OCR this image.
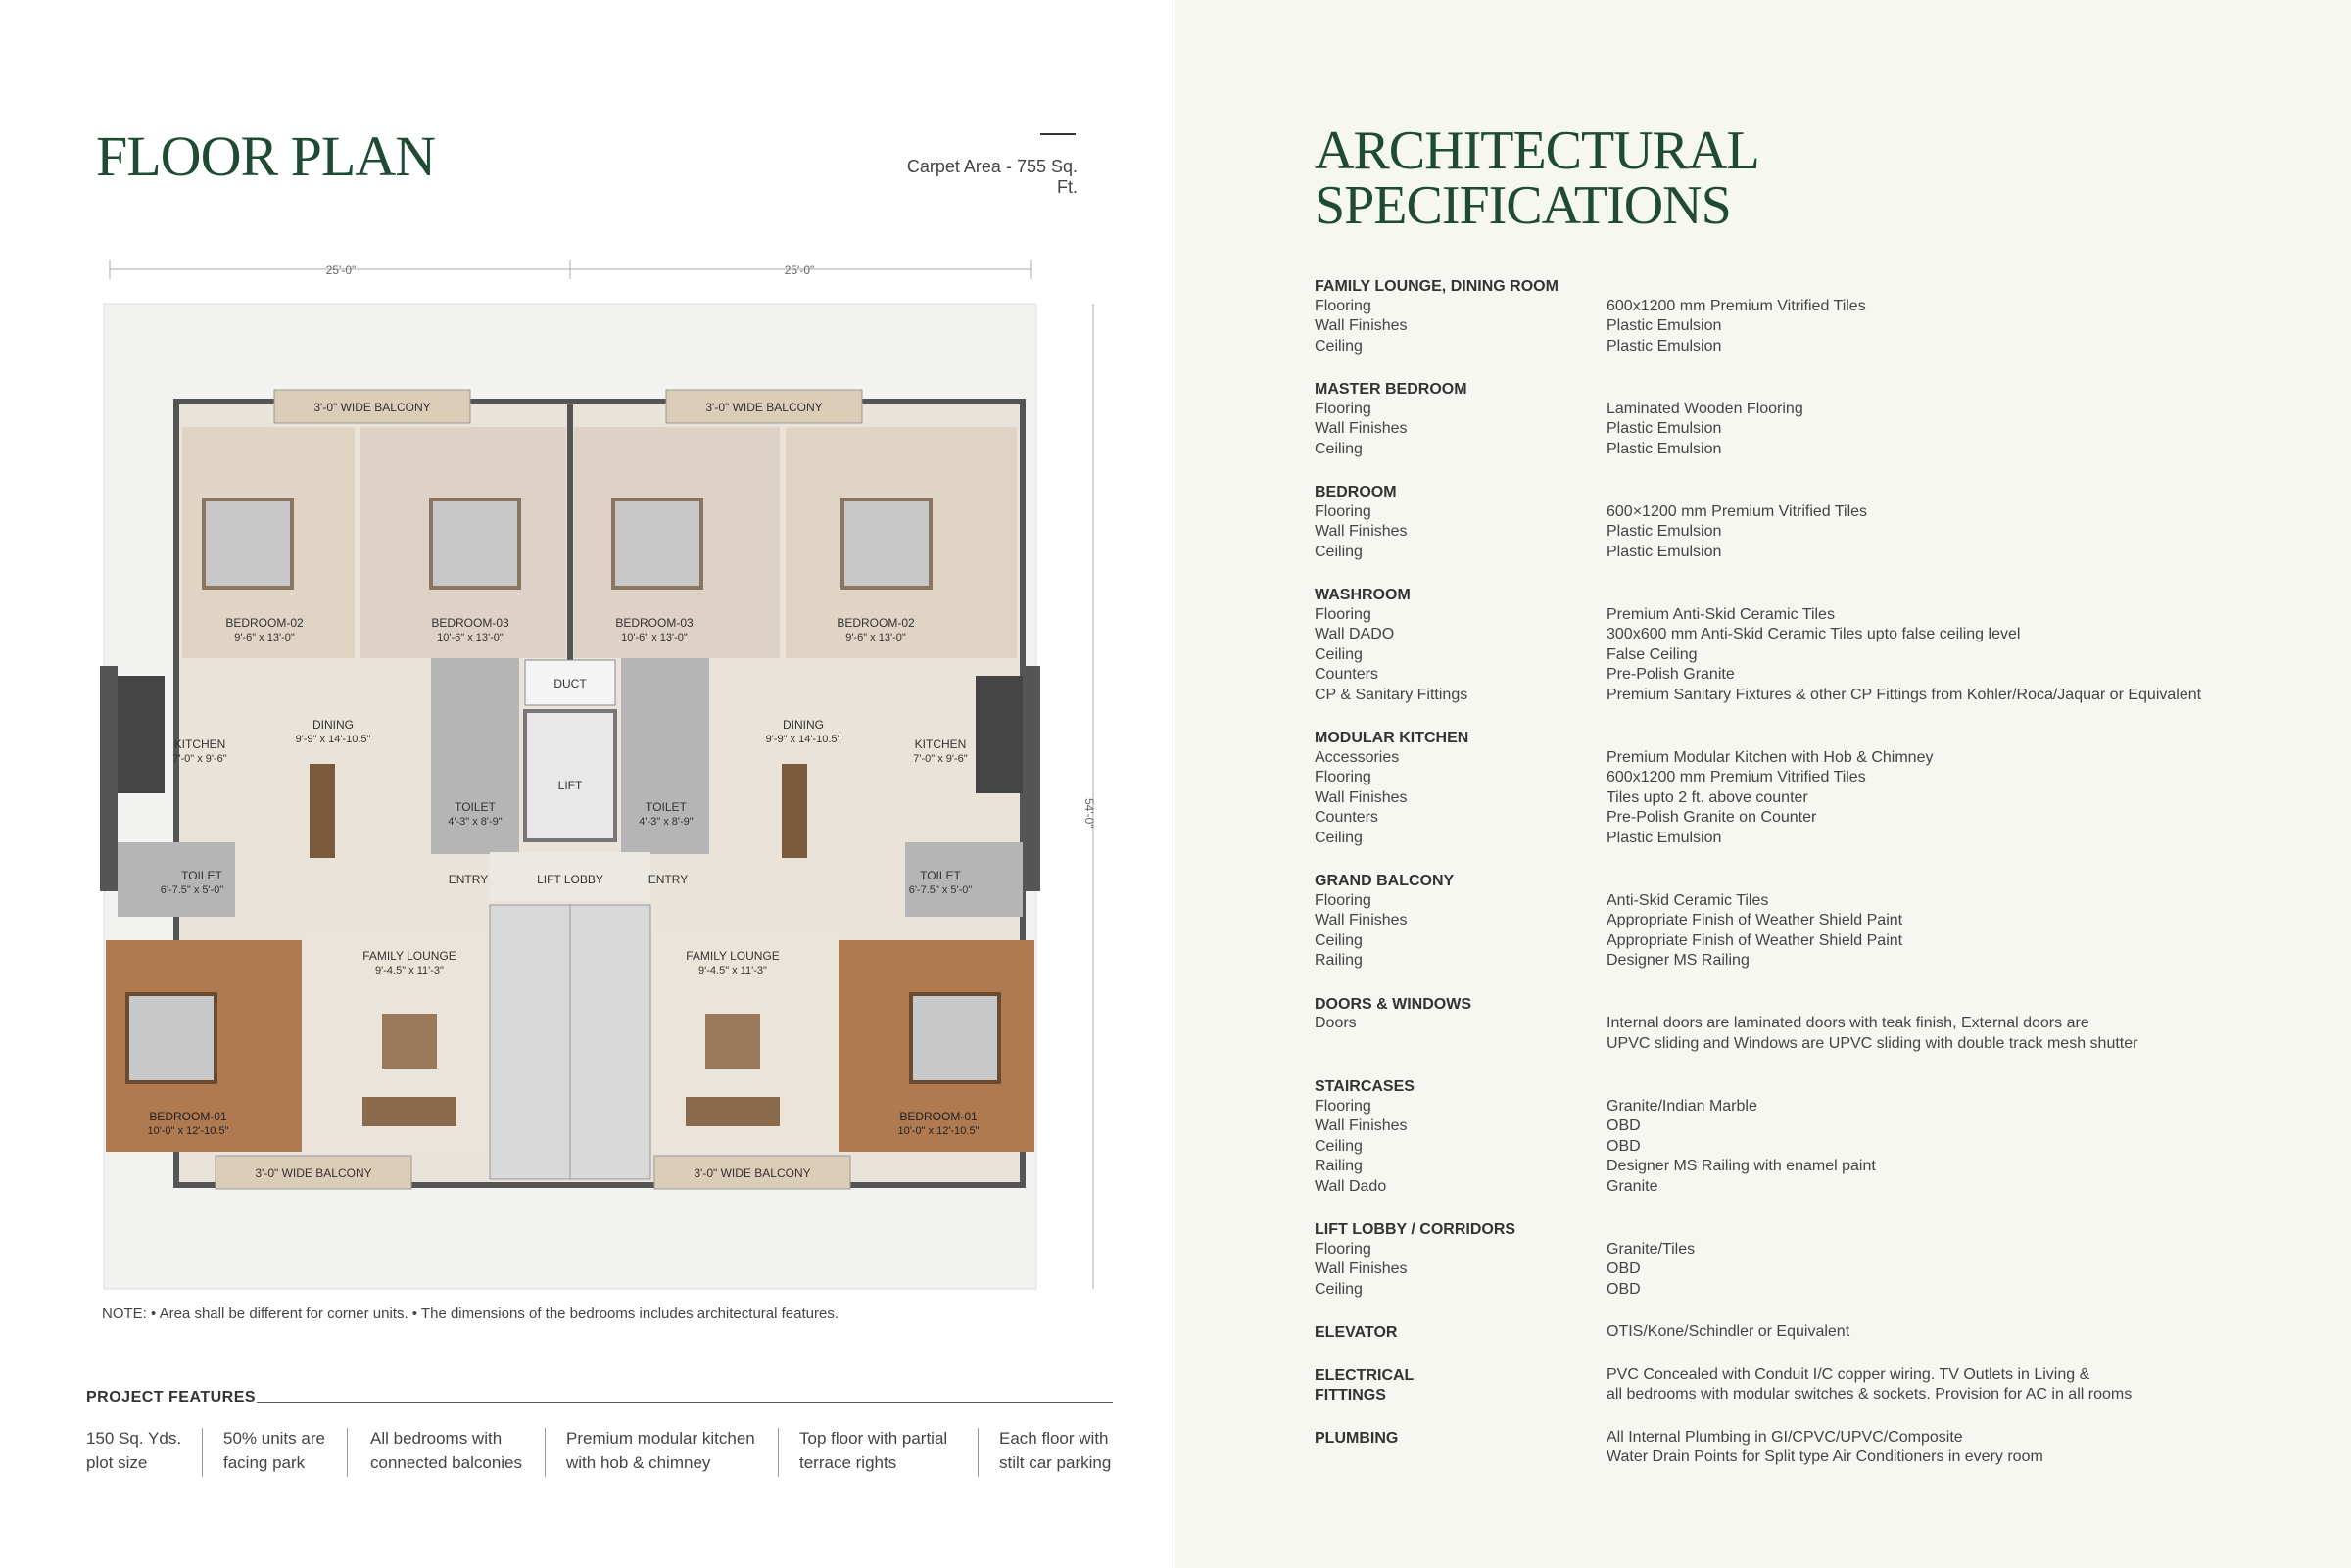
FLOOR PLAN	Carpet Area - 755 Sq. Ft.
25'-0"	25'-0"
54'-0"
3'-0" WIDE BALCONY	3'-0" WIDE BALCONY
BEDROOM-02
9'-6" x 13'-0"
BEDROOM-03
10'-6" x 13'-0"
BEDROOM-03
10'-6" x 13'-0"
BEDROOM-02
9'-6" x 13'-0"
KITCHEN
7'-0" x 9'-6"
KITCHEN
7'-0" x 9'-6"
DINING
9'-9" x 14'-10.5"
DINING
9'-9" x 14'-10.5"
TOILET
4'-3" x 8'-9"
TOILET
4'-3" x 8'-9"
DUCT
LIFT
LIFT LOBBY
ENTRY	ENTRY
TOILET
6'-7.5" x 5'-0"
TOILET
6'-7.5" x 5'-0"
BEDROOM-01
10'-0" x 12'-10.5"
BEDROOM-01
10'-0" x 12'-10.5"
FAMILY LOUNGE
9'-4.5" x 11'-3"
FAMILY LOUNGE
9'-4.5" x 11'-3"
3'-0" WIDE BALCONY	3'-0" WIDE BALCONY
NOTE: • Area shall be different for corner units. • The dimensions of the bedrooms includes architectural features.
PROJECT FEATURES
150 Sq. Yds.
plot size
50% units are
facing park
All bedrooms with
connected balconies
Premium modular kitchen
with hob & chimney
Top floor with partial
terrace rights
Each floor with
stilt car parking
ARCHITECTURAL
SPECIFICATIONS
FAMILY LOUNGE, DINING ROOM
Flooring	600x1200 mm Premium Vitrified Tiles
Wall Finishes	Plastic Emulsion
Ceiling	Plastic Emulsion
MASTER BEDROOM
Flooring	Laminated Wooden Flooring
Wall Finishes	Plastic Emulsion
Ceiling	Plastic Emulsion
BEDROOM
Flooring	600×1200 mm Premium Vitrified Tiles
Wall Finishes	Plastic Emulsion
Ceiling	Plastic Emulsion
WASHROOM
Flooring	Premium Anti-Skid Ceramic Tiles
Wall DADO	300x600 mm Anti-Skid Ceramic Tiles upto false ceiling level
Ceiling	False Ceiling
Counters	Pre-Polish Granite
CP & Sanitary Fittings	Premium Sanitary Fixtures & other CP Fittings from Kohler/Roca/Jaquar or Equivalent
MODULAR KITCHEN
Accessories	Premium Modular Kitchen with Hob & Chimney
Flooring	600x1200 mm Premium Vitrified Tiles
Wall Finishes	Tiles upto 2 ft. above counter
Counters	Pre-Polish Granite on Counter
Ceiling	Plastic Emulsion
GRAND BALCONY
Flooring	Anti-Skid Ceramic Tiles
Wall Finishes	Appropriate Finish of Weather Shield Paint
Ceiling	Appropriate Finish of Weather Shield Paint
Railing	Designer MS Railing
DOORS & WINDOWS
Doors	Internal doors are laminated doors with teak finish, External doors are
UPVC sliding and Windows are UPVC sliding with double track mesh shutter
STAIRCASES
Flooring	Granite/Indian Marble
Wall Finishes	OBD
Ceiling	OBD
Railing	Designer MS Railing with enamel paint
Wall Dado	Granite
LIFT LOBBY / CORRIDORS
Flooring	Granite/Tiles
Wall Finishes	OBD
Ceiling	OBD
ELEVATOR	OTIS/Kone/Schindler or Equivalent
ELECTRICAL
FITTINGS
PVC Concealed with Conduit I/C copper wiring. TV Outlets in Living &
all bedrooms with modular switches & sockets. Provision for AC in all rooms
PLUMBING	All Internal Plumbing in GI/CPVC/UPVC/Composite
Water Drain Points for Split type Air Conditioners in every room
